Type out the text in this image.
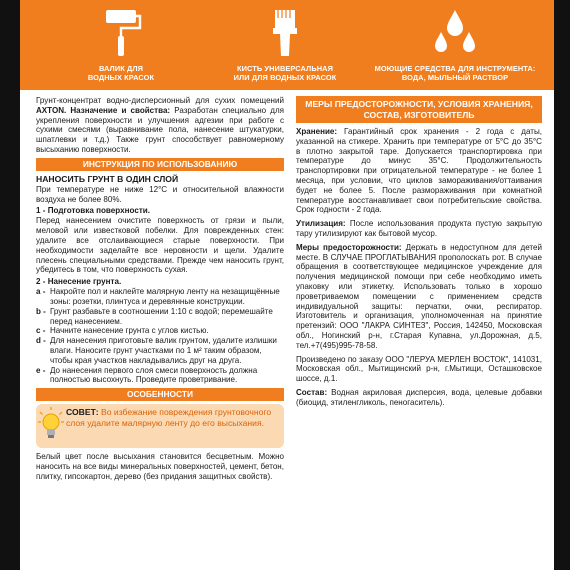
ВАЛИК ДЛЯ
ВОДНЫХ КРАСОК
КИСТЬ УНИВЕРСАЛЬНАЯ
ИЛИ ДЛЯ ВОДНЫХ КРАСОК
МОЮЩИЕ СРЕДСТВА ДЛЯ ИНСТРУМЕНТА:
ВОДА, МЫЛЬНЫЙ РАСТВОР

Грунт-концентрат водно-дисперсионный для сухих помещений AXTON. Назначение и свойства: Разработан специально для укрепления поверхности и улучшения адгезии при работе с сухими смесями (выравнивание пола, нанесение штукатурки, шпатлевки и т.д.) Также грунт способствует равномерному высыханию поверхности.

ИНСТРУКЦИЯ ПО ИСПОЛЬЗОВАНИЮ
НАНОСИТЬ ГРУНТ В ОДИН СЛОЙ

При температуре не ниже 12°С и относительной влажности воздуха не более 80%.

1 - Подготовка поверхности.

Перед нанесением очистите поверхность от грязи и пыли, меловой или известковой побелки. Для поврежденных стен: удалите все отслаивающиеся старые поверхности. При необходимости заделайте все неровности и щели. Удалите плесень специальными средствами. Прежде чем наносить грунт, убедитесь в том, что поверхность сухая.

2 - Нанесение грунта.
a - Накройте пол и наклейте малярную ленту на незащищённые зоны: розетки, плинтуса и деревянные конструкции.
b - Грунт разбавьте в соотношении 1:10 с водой; перемешайте перед нанесением.
c - Начните нанесение грунта с углов кистью.
d - Для нанесения приготовьте валик грунтом, удалите излишки влаги. Наносите грунт участками по 1 м² таким образом, чтобы края участков накладывались друг на друга.
e - До нанесения первого слоя смеси поверхность должна полностью высохнуть. Проведите проветривание.
ОСОБЕННОСТИ
СОВЕТ: Во избежание повреждения грунтовочного слоя удалите малярную ленту до его высыхания.

Белый цвет после высыхания становится бесцветным. Можно наносить на все виды минеральных поверхностей, цемент, бетон, плитку, гипсокартон, дерево (без придания защитных свойств).

МЕРЫ ПРЕДОСТОРОЖНОСТИ, УСЛОВИЯ ХРАНЕНИЯ, СОСТАВ, ИЗГОТОВИТЕЛЬ

Хранение: Гарантийный срок хранения - 2 года с даты, указанной на стикере. Хранить при температуре от 5°С до 35°С в плотно закрытой таре. Допускается транспортировка при температуре до минус 35°С. Продолжительность транспортировки при отрицательной температуре - не более 1 месяца, при условии, что циклов замораживания/оттаивания будет не более 5. После размораживания при комнатной температуре восстанавливает свои потребительские свойства. Срок годности - 2 года.

Утилизация: После использования продукта пустую закрытую тару утилизируют как бытовой мусор.

Меры предосторожности: Держать в недоступном для детей месте. В СЛУЧАЕ ПРОГЛАТЫВАНИЯ прополоскать рот. В случае обращения в соответствующее медицинское учреждение для получения медицинской помощи при себе необходимо иметь упаковку или этикетку. Использовать только в хорошо проветриваемом помещении с применением средств индивидуальной защиты: перчатки, очки, респиратор. Изготовитель и организация, уполномоченная на принятие претензий: ООО "ЛАКРА СИНТЕЗ", Россия, 142450, Московская обл., Ногинский р-н, г.Старая Купавна, ул.Дорожная, д.5, тел.+7(495)995-78-58.

Произведено по заказу ООО "ЛЕРУА МЕРЛЕН ВОСТОК", 141031, Московская обл., Мытищинский р-н, г.Мытищи, Осташковское шоссе, д.1.

Состав: Водная акриловая дисперсия, вода, целевые добавки (биоцид, этиленгликоль, пеногаситель).
